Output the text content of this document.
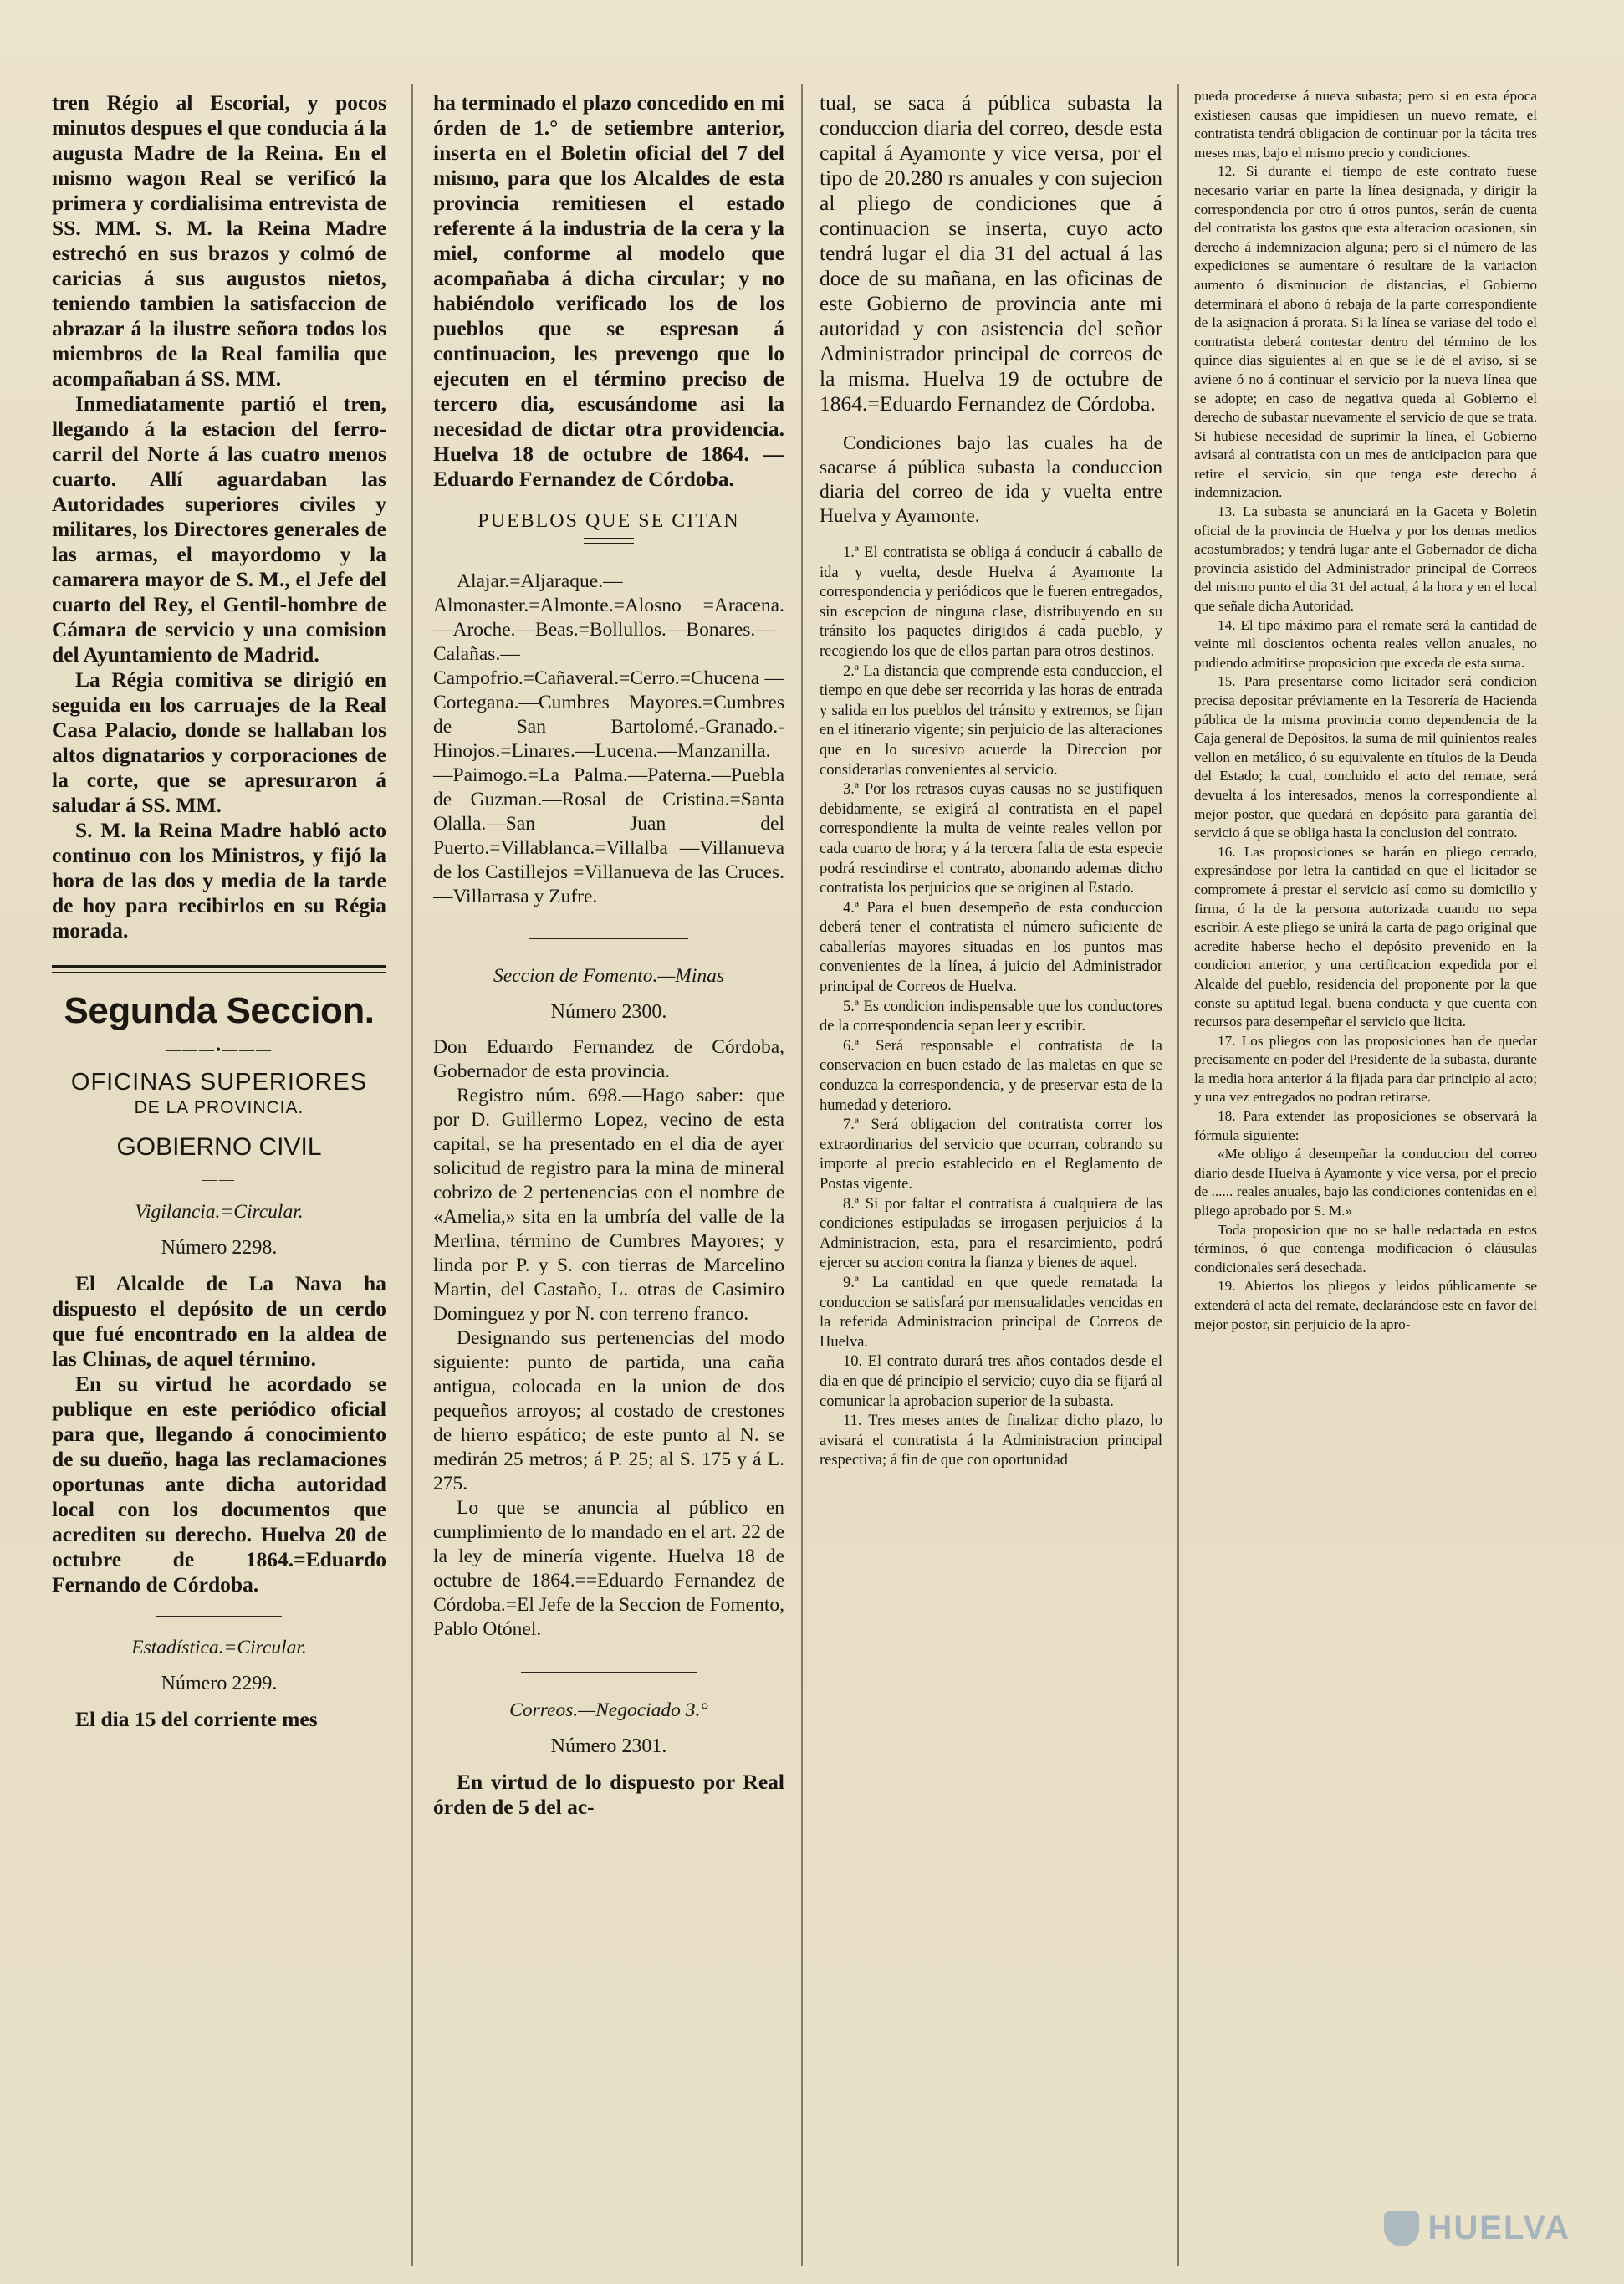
tren Régio al Escorial, y pocos minutos despues el que conducia á la augusta Madre de la Reina. En el mismo wagon Real se verificó la primera y cordialisima entrevista de SS. MM. S. M. la Reina Madre estrechó en sus brazos y colmó de caricias á sus augustos nietos, teniendo tambien la satisfaccion de abrazar á la ilustre señora todos los miembros de la Real familia que acompañaban á SS. MM.

Inmediatamente partió el tren, llegando á la estacion del ferro-carril del Norte á las cuatro menos cuarto. Allí aguardaban las Autoridades superiores civiles y militares, los Directores generales de las armas, el mayordomo y la camarera mayor de S. M., el Jefe del cuarto del Rey, el Gentil-hombre de Cámara de servicio y una comision del Ayuntamiento de Madrid.

La Régia comitiva se dirigió en seguida en los carruajes de la Real Casa Palacio, donde se hallaban los altos dignatarios y corporaciones de la corte, que se apresuraron á saludar á SS. MM.

S. M. la Reina Madre habló acto continuo con los Ministros, y fijó la hora de las dos y media de la tarde de hoy para recibirlos en su Régia morada.

Segunda Seccion.
———•———
OFICINAS SUPERIORES
DE LA PROVINCIA.
GOBIERNO CIVIL
——

Vigilancia.=Circular.

Número 2298.

El Alcalde de La Nava ha dispuesto el depósito de un cerdo que fué encontrado en la aldea de las Chinas, de aquel término.

En su virtud he acordado se publique en este periódico oficial para que, llegando á conocimiento de su dueño, haga las reclamaciones oportunas ante dicha autoridad local con los documentos que acrediten su derecho. Huelva 20 de octubre de 1864.=Eduardo Fernando de Córdoba.

Estadística.=Circular.

Número 2299.

El dia 15 del corriente mes

ha terminado el plazo concedido en mi órden de 1.° de setiembre anterior, inserta en el Boletin oficial del 7 del mismo, para que los Alcaldes de esta provincia remitiesen el estado referente á la industria de la cera y la miel, conforme al modelo que acompañaba á dicha circular; y no habiéndolo verificado los de los pueblos que se espresan á continuacion, les prevengo que lo ejecuten en el término preciso de tercero dia, escusándome asi la necesidad de dictar otra providencia. Huelva 18 de octubre de 1864. —Eduardo Fernandez de Córdoba.

PUEBLOS QUE SE CITAN

Alajar.=Aljaraque.—Almonaster.=Almonte.=Alosno =Aracena.—Aroche.—Beas.=Bollullos.—Bonares.—Calañas.—Campofrio.=Cañaveral.=Cerro.=Chucena —Cortegana.—Cumbres Mayores.=Cumbres de San Bartolomé.-Granado.-Hinojos.=Linares.—Lucena.—Manzanilla.—Paimogo.=La Palma.—Paterna.—Puebla de Guzman.—Rosal de Cristina.=Santa Olalla.—San Juan del Puerto.=Villablanca.=Villalba —Villanueva de los Castillejos =Villanueva de las Cruces.—Villarrasa y Zufre.

Seccion de Fomento.—Minas

Número 2300.

Don Eduardo Fernandez de Córdoba, Gobernador de esta provincia.

Registro núm. 698.—Hago saber: que por D. Guillermo Lopez, vecino de esta capital, se ha presentado en el dia de ayer solicitud de registro para la mina de mineral cobrizo de 2 pertenencias con el nombre de «Amelia,» sita en la umbría del valle de la Merlina, término de Cumbres Mayores; y linda por P. y S. con tierras de Marcelino Martin, del Castaño, L. otras de Casimiro Dominguez y por N. con terreno franco.

Designando sus pertenencias del modo siguiente: punto de partida, una caña antigua, colocada en la union de dos pequeños arroyos; al costado de crestones de hierro espático; de este punto al N. se medirán 25 metros; á P. 25; al S. 175 y á L. 275.

Lo que se anuncia al público en cumplimiento de lo mandado en el art. 22 de la ley de minería vigente. Huelva 18 de octubre de 1864.==Eduardo Fernandez de Córdoba.=El Jefe de la Seccion de Fomento, Pablo Otónel.

Correos.—Negociado 3.°

Número 2301.

En virtud de lo dispuesto por Real órden de 5 del ac-

tual, se saca á pública subasta la conduccion diaria del correo, desde esta capital á Ayamonte y vice versa, por el tipo de 20.280 rs anuales y con sujecion al pliego de condiciones que á continuacion se inserta, cuyo acto tendrá lugar el dia 31 del actual á las doce de su mañana, en las oficinas de este Gobierno de provincia ante mi autoridad y con asistencia del señor Administrador principal de correos de la misma. Huelva 19 de octubre de 1864.=Eduardo Fernandez de Córdoba.

Condiciones bajo las cuales ha de sacarse á pública subasta la conduccion diaria del correo de ida y vuelta entre Huelva y Ayamonte.

1.ª El contratista se obliga á conducir á caballo de ida y vuelta, desde Huelva á Ayamonte la correspondencia y periódicos que le fueren entregados, sin escepcion de ninguna clase, distribuyendo en su tránsito los paquetes dirigidos á cada pueblo, y recogiendo los que de ellos partan para otros destinos.

2.ª La distancia que comprende esta conduccion, el tiempo en que debe ser recorrida y las horas de entrada y salida en los pueblos del tránsito y extremos, se fijan en el itinerario vigente; sin perjuicio de las alteraciones que en lo sucesivo acuerde la Direccion por considerarlas convenientes al servicio.

3.ª Por los retrasos cuyas causas no se justifiquen debidamente, se exigirá al contratista en el papel correspondiente la multa de veinte reales vellon por cada cuarto de hora; y á la tercera falta de esta especie podrá rescindirse el contrato, abonando ademas dicho contratista los perjuicios que se originen al Estado.

4.ª Para el buen desempeño de esta conduccion deberá tener el contratista el número suficiente de caballerías mayores situadas en los puntos mas convenientes de la línea, á juicio del Administrador principal de Correos de Huelva.

5.ª Es condicion indispensable que los conductores de la correspondencia sepan leer y escribir.

6.ª Será responsable el contratista de la conservacion en buen estado de las maletas en que se conduzca la correspondencia, y de preservar esta de la humedad y deterioro.

7.ª Será obligacion del contratista correr los extraordinarios del servicio que ocurran, cobrando su importe al precio establecido en el Reglamento de Postas vigente.

8.ª Si por faltar el contratista á cualquiera de las condiciones estipuladas se irrogasen perjuicios á la Administracion, esta, para el resarcimiento, podrá ejercer su accion contra la fianza y bienes de aquel.

9.ª La cantidad en que quede rematada la conduccion se satisfará por mensualidades vencidas en la referida Administracion principal de Correos de Huelva.

10. El contrato durará tres años contados desde el dia en que dé principio el servicio; cuyo dia se fijará al comunicar la aprobacion superior de la subasta.

11. Tres meses antes de finalizar dicho plazo, lo avisará el contratista á la Administracion principal respectiva; á fin de que con oportunidad

pueda procederse á nueva subasta; pero si en esta época existiesen causas que impidiesen un nuevo remate, el contratista tendrá obligacion de continuar por la tácita tres meses mas, bajo el mismo precio y condiciones.

12. Si durante el tiempo de este contrato fuese necesario variar en parte la línea designada, y dirigir la correspondencia por otro ú otros puntos, serán de cuenta del contratista los gastos que esta alteracion ocasionen, sin derecho á indemnizacion alguna; pero si el número de las expediciones se aumentare ó resultare de la variacion aumento ó disminucion de distancias, el Gobierno determinará el abono ó rebaja de la parte correspondiente de la asignacion á prorata. Si la línea se variase del todo el contratista deberá contestar dentro del término de los quince dias siguientes al en que se le dé el aviso, si se aviene ó no á continuar el servicio por la nueva línea que se adopte; en caso de negativa queda al Gobierno el derecho de subastar nuevamente el servicio de que se trata. Si hubiese necesidad de suprimir la línea, el Gobierno avisará al contratista con un mes de anticipacion para que retire el servicio, sin que tenga este derecho á indemnizacion.

13. La subasta se anunciará en la Gaceta y Boletin oficial de la provincia de Huelva y por los demas medios acostumbrados; y tendrá lugar ante el Gobernador de dicha provincia asistido del Administrador principal de Correos del mismo punto el dia 31 del actual, á la hora y en el local que señale dicha Autoridad.

14. El tipo máximo para el remate será la cantidad de veinte mil doscientos ochenta reales vellon anuales, no pudiendo admitirse proposicion que exceda de esta suma.

15. Para presentarse como licitador será condicion precisa depositar préviamente en la Tesorería de Hacienda pública de la misma provincia como dependencia de la Caja general de Depósitos, la suma de mil quinientos reales vellon en metálico, ó su equivalente en títulos de la Deuda del Estado; la cual, concluido el acto del remate, será devuelta á los interesados, menos la correspondiente al mejor postor, que quedará en depósito para garantía del servicio á que se obliga hasta la conclusion del contrato.

16. Las proposiciones se harán en pliego cerrado, expresándose por letra la cantidad en que el licitador se compromete á prestar el servicio así como su domicilio y firma, ó la de la persona autorizada cuando no sepa escribir. A este pliego se unirá la carta de pago original que acredite haberse hecho el depósito prevenido en la condicion anterior, y una certificacion expedida por el Alcalde del pueblo, residencia del proponente por la que conste su aptitud legal, buena conducta y que cuenta con recursos para desempeñar el servicio que licita.

17. Los pliegos con las proposiciones han de quedar precisamente en poder del Presidente de la subasta, durante la media hora anterior á la fijada para dar principio al acto; y una vez entregados no podran retirarse.

18. Para extender las proposiciones se observará la fórmula siguiente:

«Me obligo á desempeñar la conduccion del correo diario desde Huelva á Ayamonte y vice versa, por el precio de ...... reales anuales, bajo las condiciones contenidas en el pliego aprobado por S. M.»

Toda proposicion que no se halle redactada en estos términos, ó que contenga modificacion ó cláusulas condicionales será desechada.

19. Abiertos los pliegos y leidos públicamente se extenderá el acta del remate, declarándose este en favor del mejor postor, sin perjuicio de la apro-

HUELVA
